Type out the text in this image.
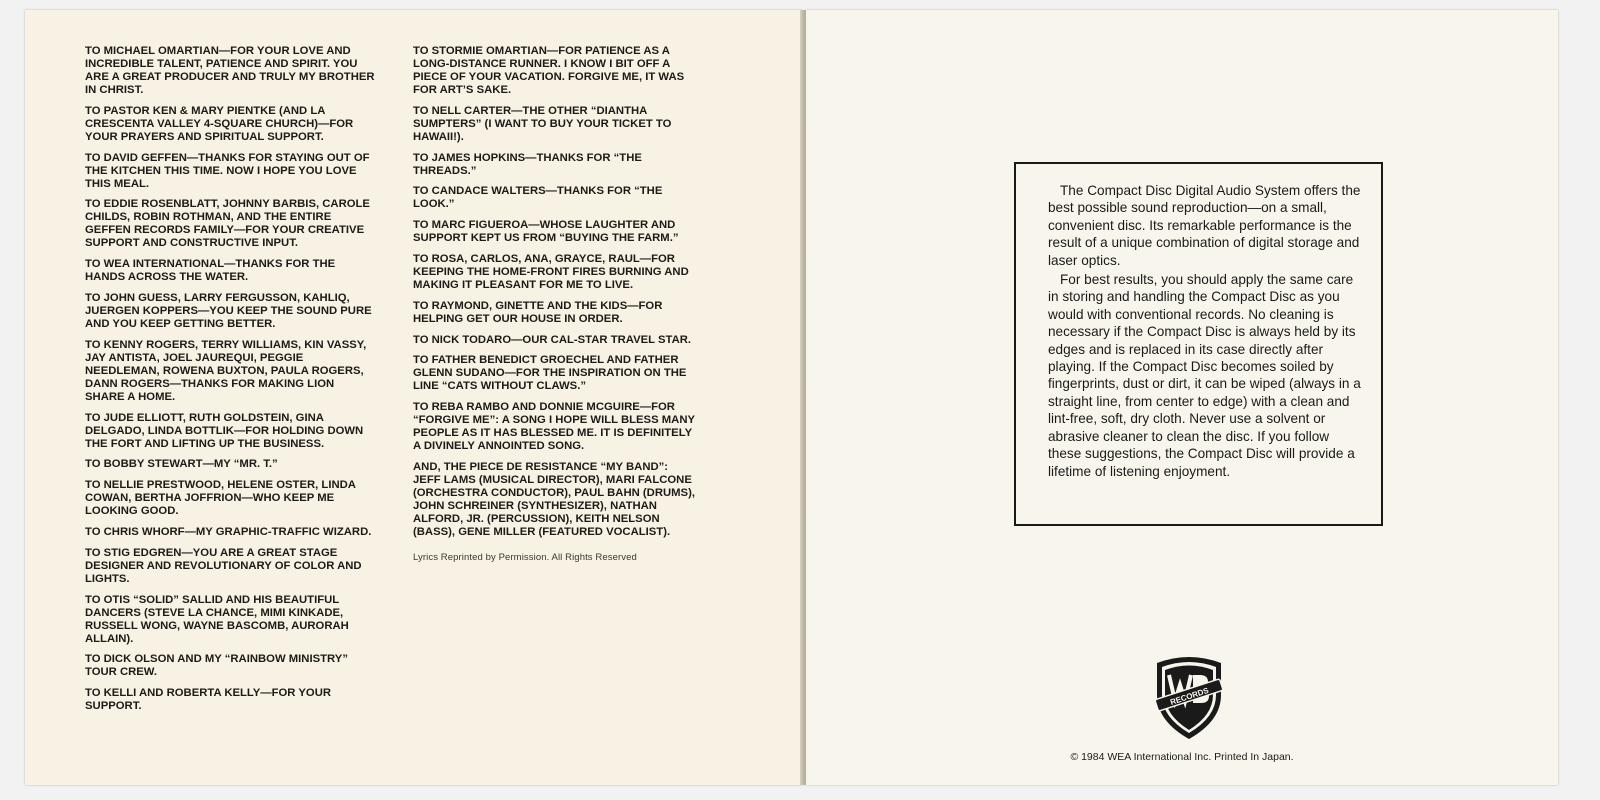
TO MICHAEL OMARTIAN—FOR YOUR LOVE AND INCREDIBLE TALENT, PATIENCE AND SPIRIT. YOU ARE A GREAT PRODUCER AND TRULY MY BROTHER IN CHRIST.

TO PASTOR KEN & MARY PIENTKE (AND LA CRESCENTA VALLEY 4-SQUARE CHURCH)—FOR YOUR PRAYERS AND SPIRITUAL SUPPORT.

TO DAVID GEFFEN—THANKS FOR STAYING OUT OF THE KITCHEN THIS TIME. NOW I HOPE YOU LOVE THIS MEAL.

TO EDDIE ROSENBLATT, JOHNNY BARBIS, CAROLE CHILDS, ROBIN ROTHMAN, AND THE ENTIRE GEFFEN RECORDS FAMILY—FOR YOUR CREATIVE SUPPORT AND CONSTRUCTIVE INPUT.

TO WEA INTERNATIONAL—THANKS FOR THE HANDS ACROSS THE WATER.

TO JOHN GUESS, LARRY FERGUSSON, KAHLIQ, JUERGEN KOPPERS—YOU KEEP THE SOUND PURE AND YOU KEEP GETTING BETTER.

TO KENNY ROGERS, TERRY WILLIAMS, KIN VASSY, JAY ANTISTA, JOEL JAUREQUI, PEGGIE NEEDLEMAN, ROWENA BUXTON, PAULA ROGERS, DANN ROGERS—THANKS FOR MAKING LION SHARE A HOME.

TO JUDE ELLIOTT, RUTH GOLDSTEIN, GINA DELGADO, LINDA BOTTLIK—FOR HOLDING DOWN THE FORT AND LIFTING UP THE BUSINESS.

TO BOBBY STEWART—MY “MR. T.”

TO NELLIE PRESTWOOD, HELENE OSTER, LINDA COWAN, BERTHA JOFFRION—WHO KEEP ME LOOKING GOOD.

TO CHRIS WHORF—MY GRAPHIC-TRAFFIC WIZARD.

TO STIG EDGREN—YOU ARE A GREAT STAGE DESIGNER AND REVOLUTIONARY OF COLOR AND LIGHTS.

TO OTIS “SOLID” SALLID AND HIS BEAUTIFUL DANCERS (STEVE LA CHANCE, MIMI KINKADE, RUSSELL WONG, WAYNE BASCOMB, AURORAH ALLAIN).

TO DICK OLSON AND MY “RAINBOW MINISTRY” TOUR CREW.

TO KELLI AND ROBERTA KELLY—FOR YOUR SUPPORT.

TO STORMIE OMARTIAN—FOR PATIENCE AS A LONG-DISTANCE RUNNER. I KNOW I BIT OFF A PIECE OF YOUR VACATION. FORGIVE ME, IT WAS FOR ART’S SAKE.

TO NELL CARTER—THE OTHER “DIANTHA SUMPTERS” (I WANT TO BUY YOUR TICKET TO HAWAII!).

TO JAMES HOPKINS—THANKS FOR “THE THREADS.”

TO CANDACE WALTERS—THANKS FOR “THE LOOK.”

TO MARC FIGUEROA—WHOSE LAUGHTER AND SUPPORT KEPT US FROM “BUYING THE FARM.”

TO ROSA, CARLOS, ANA, GRAYCE, RAUL—FOR KEEPING THE HOME-FRONT FIRES BURNING AND MAKING IT PLEASANT FOR ME TO LIVE.

TO RAYMOND, GINETTE AND THE KIDS—FOR HELPING GET OUR HOUSE IN ORDER.

TO NICK TODARO—OUR CAL-STAR TRAVEL STAR.

TO FATHER BENEDICT GROECHEL AND FATHER GLENN SUDANO—FOR THE INSPIRATION ON THE LINE “CATS WITHOUT CLAWS.”

TO REBA RAMBO AND DONNIE MCGUIRE—FOR “FORGIVE ME”: A SONG I HOPE WILL BLESS MANY PEOPLE AS IT HAS BLESSED ME. IT IS DEFINITELY A DIVINELY ANNOINTED SONG.

AND, THE PIECE DE RESISTANCE “MY BAND”: JEFF LAMS (MUSICAL DIRECTOR), MARI FALCONE (ORCHESTRA CONDUCTOR), PAUL BAHN (DRUMS), JOHN SCHREINER (SYNTHESIZER), NATHAN ALFORD, JR. (PERCUSSION), KEITH NELSON (BASS), GENE MILLER (FEATURED VOCALIST).

Lyrics Reprinted by Permission. All Rights Reserved

The Compact Disc Digital Audio System offers the best possible sound reproduction—on a small, convenient disc. Its remarkable performance is the result of a unique combination of digital storage and laser optics.

For best results, you should apply the same care in storing and handling the Compact Disc as you would with conventional records. No cleaning is necessary if the Compact Disc is always held by its edges and is replaced in its case directly after playing. If the Compact Disc becomes soiled by fingerprints, dust or dirt, it can be wiped (always in a straight line, from center to edge) with a clean and lint-free, soft, dry cloth. Never use a solvent or abrasive cleaner to clean the disc. If you follow these suggestions, the Compact Disc will provide a lifetime of listening enjoyment.

RECORDS
© 1984 WEA International Inc. Printed In Japan.
